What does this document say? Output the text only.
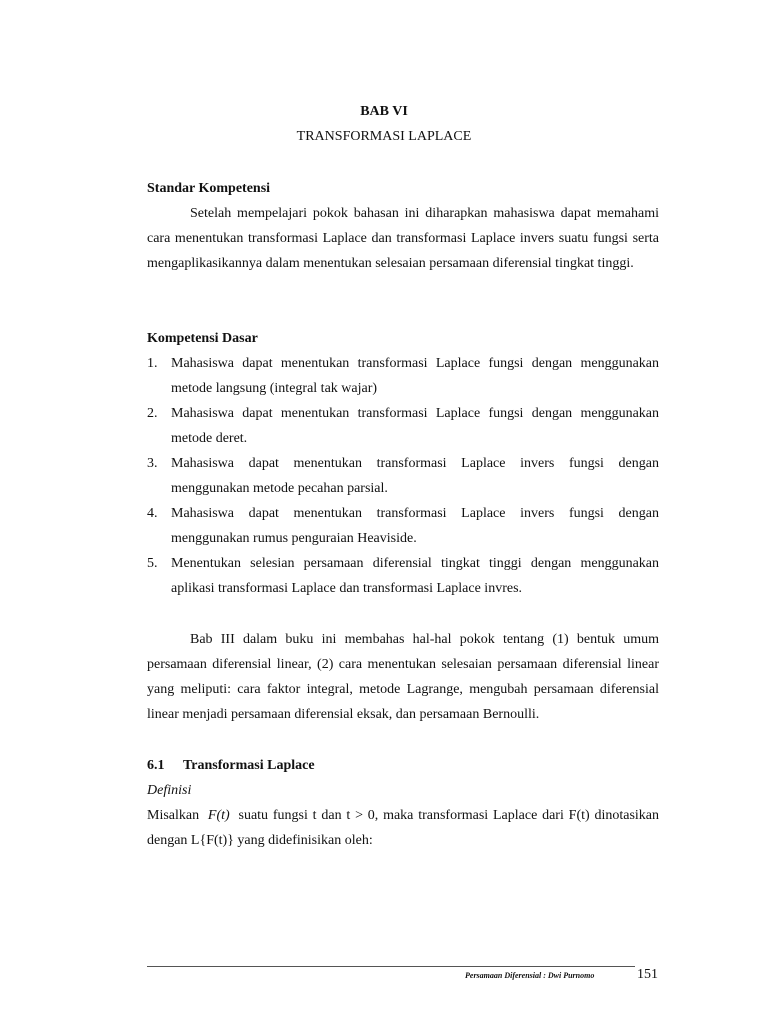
BAB VI
TRANSFORMASI LAPLACE
Standar Kompetensi
Setelah mempelajari pokok bahasan ini diharapkan mahasiswa dapat memahami cara menentukan transformasi Laplace dan transformasi Laplace invers suatu fungsi serta mengaplikasikannya dalam menentukan selesaian persamaan diferensial tingkat tinggi.
Kompetensi Dasar
1. Mahasiswa dapat menentukan transformasi Laplace fungsi dengan menggunakan metode langsung (integral tak wajar)
2. Mahasiswa dapat menentukan transformasi Laplace fungsi dengan menggunakan metode deret.
3. Mahasiswa dapat menentukan transformasi Laplace invers fungsi dengan menggunakan metode pecahan parsial.
4. Mahasiswa dapat menentukan transformasi Laplace invers fungsi dengan menggunakan rumus penguraian Heaviside.
5. Menentukan selesian persamaan diferensial tingkat tinggi dengan menggunakan aplikasi transformasi Laplace dan transformasi Laplace invres.
Bab III dalam buku ini membahas hal-hal pokok tentang (1) bentuk umum persamaan diferensial linear, (2) cara menentukan selesaian persamaan diferensial linear yang meliputi: cara faktor integral, metode Lagrange, mengubah persamaan diferensial linear menjadi persamaan diferensial eksak, dan persamaan Bernoulli.
6.1 Transformasi Laplace
Definisi
Misalkan F(t) suatu fungsi t dan t > 0, maka transformasi Laplace dari F(t) dinotasikan dengan L{F(t)} yang didefinisikan oleh:
Persamaan Diferensial : Dwi Purnomo	151
